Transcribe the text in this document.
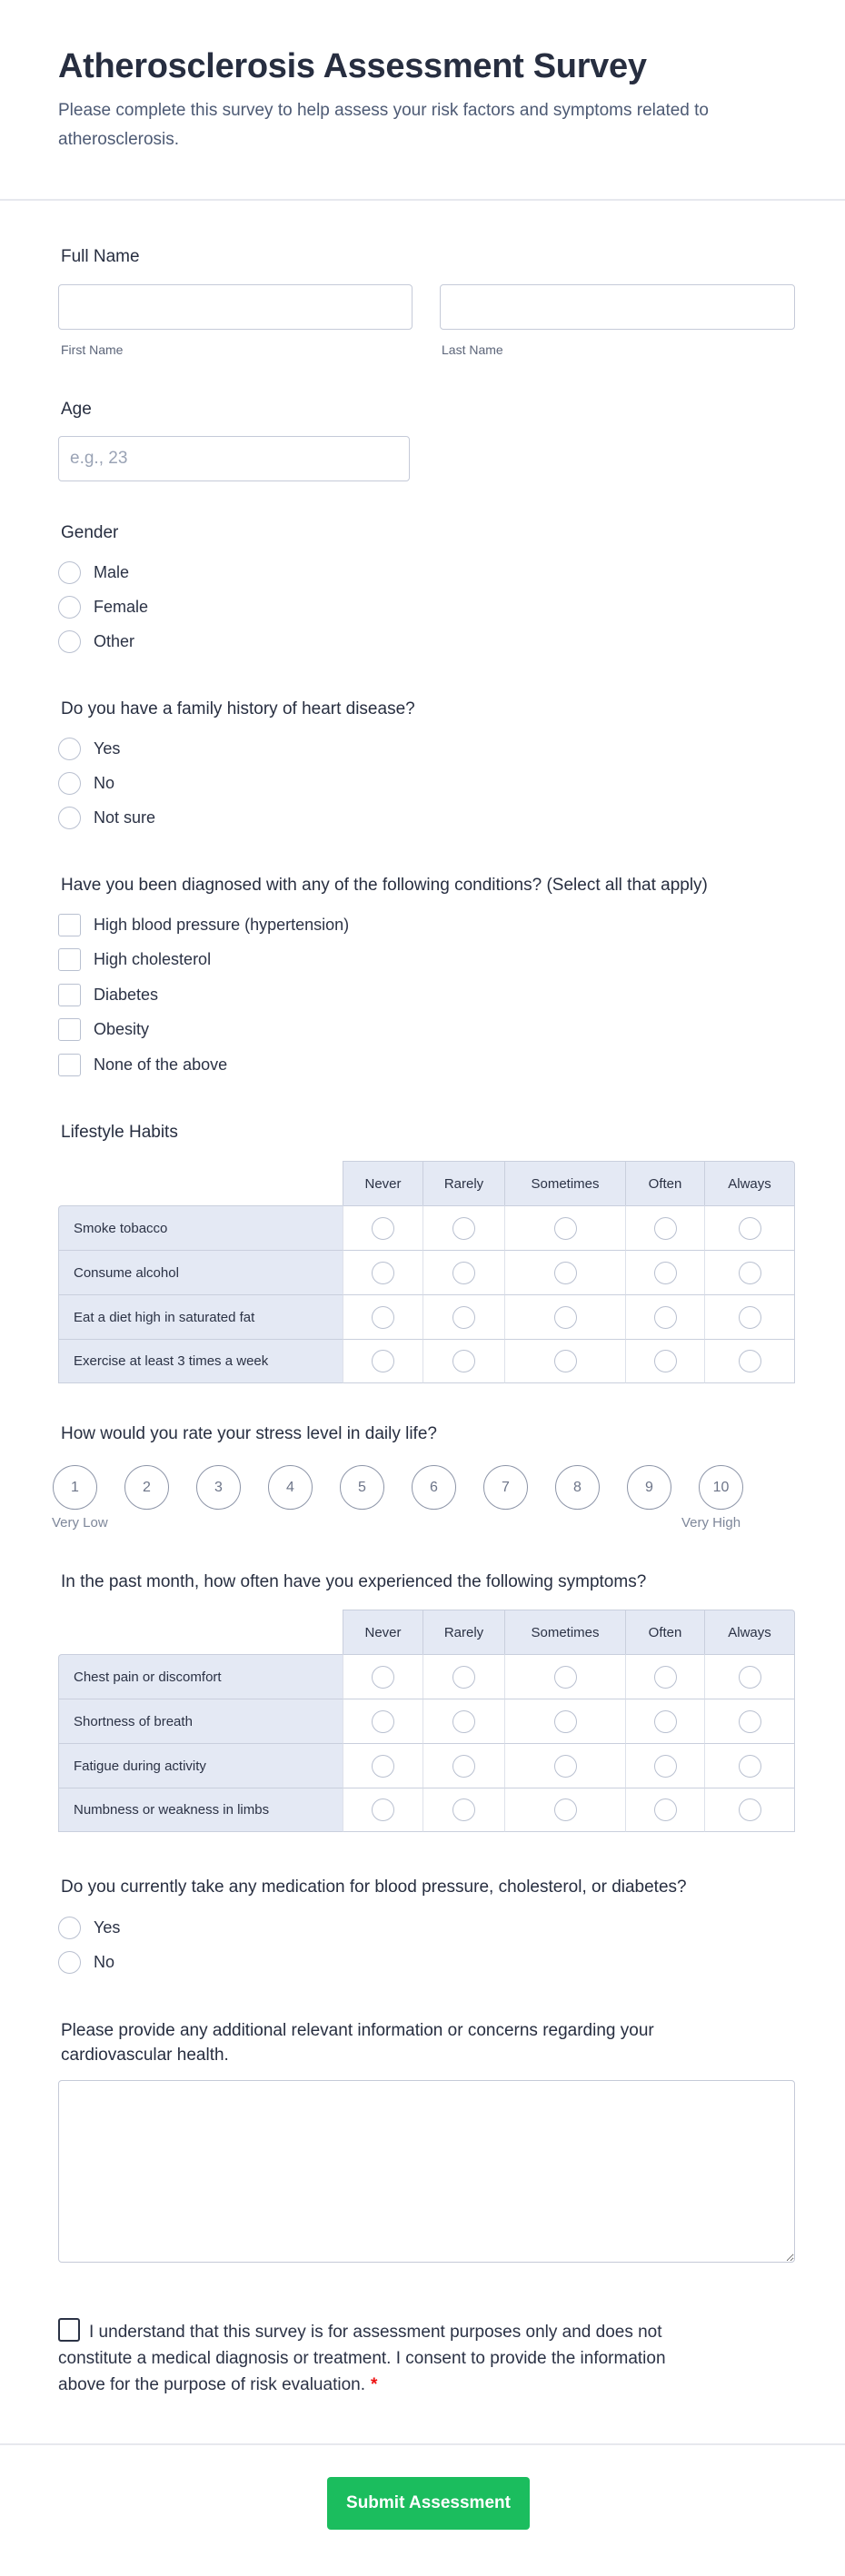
Atherosclerosis Assessment Survey
Please complete this survey to help assess your risk factors and symptoms related to atherosclerosis.
Full Name
First Name	Last Name
Age
e.g., 23
Gender
Male
Female
Other
Do you have a family history of heart disease?
Yes
No
Not sure
Have you been diagnosed with any of the following conditions? (Select all that apply)
High blood pressure (hypertension)
High cholesterol
Diabetes
Obesity
None of the above
Lifestyle Habits
	Never	Rarely	Sometimes	Often	Always
Smoke tobacco					
Consume alcohol					
Eat a diet high in saturated fat					
Exercise at least 3 times a week					
How would you rate your stress level in daily life?
1	2	3	4	5	6	7	8	9	10
Very Low	Very High
In the past month, how often have you experienced the following symptoms?
	Never	Rarely	Sometimes	Often	Always
Chest pain or discomfort					
Shortness of breath					
Fatigue during activity					
Numbness or weakness in limbs					
Do you currently take any medication for blood pressure, cholesterol, or diabetes?
Yes
No
Please provide any additional relevant information or concerns regarding your cardiovascular health.
I understand that this survey is for assessment purposes only and does not constitute a medical diagnosis or treatment. I consent to provide the information above for the purpose of risk evaluation. *
Submit Assessment
